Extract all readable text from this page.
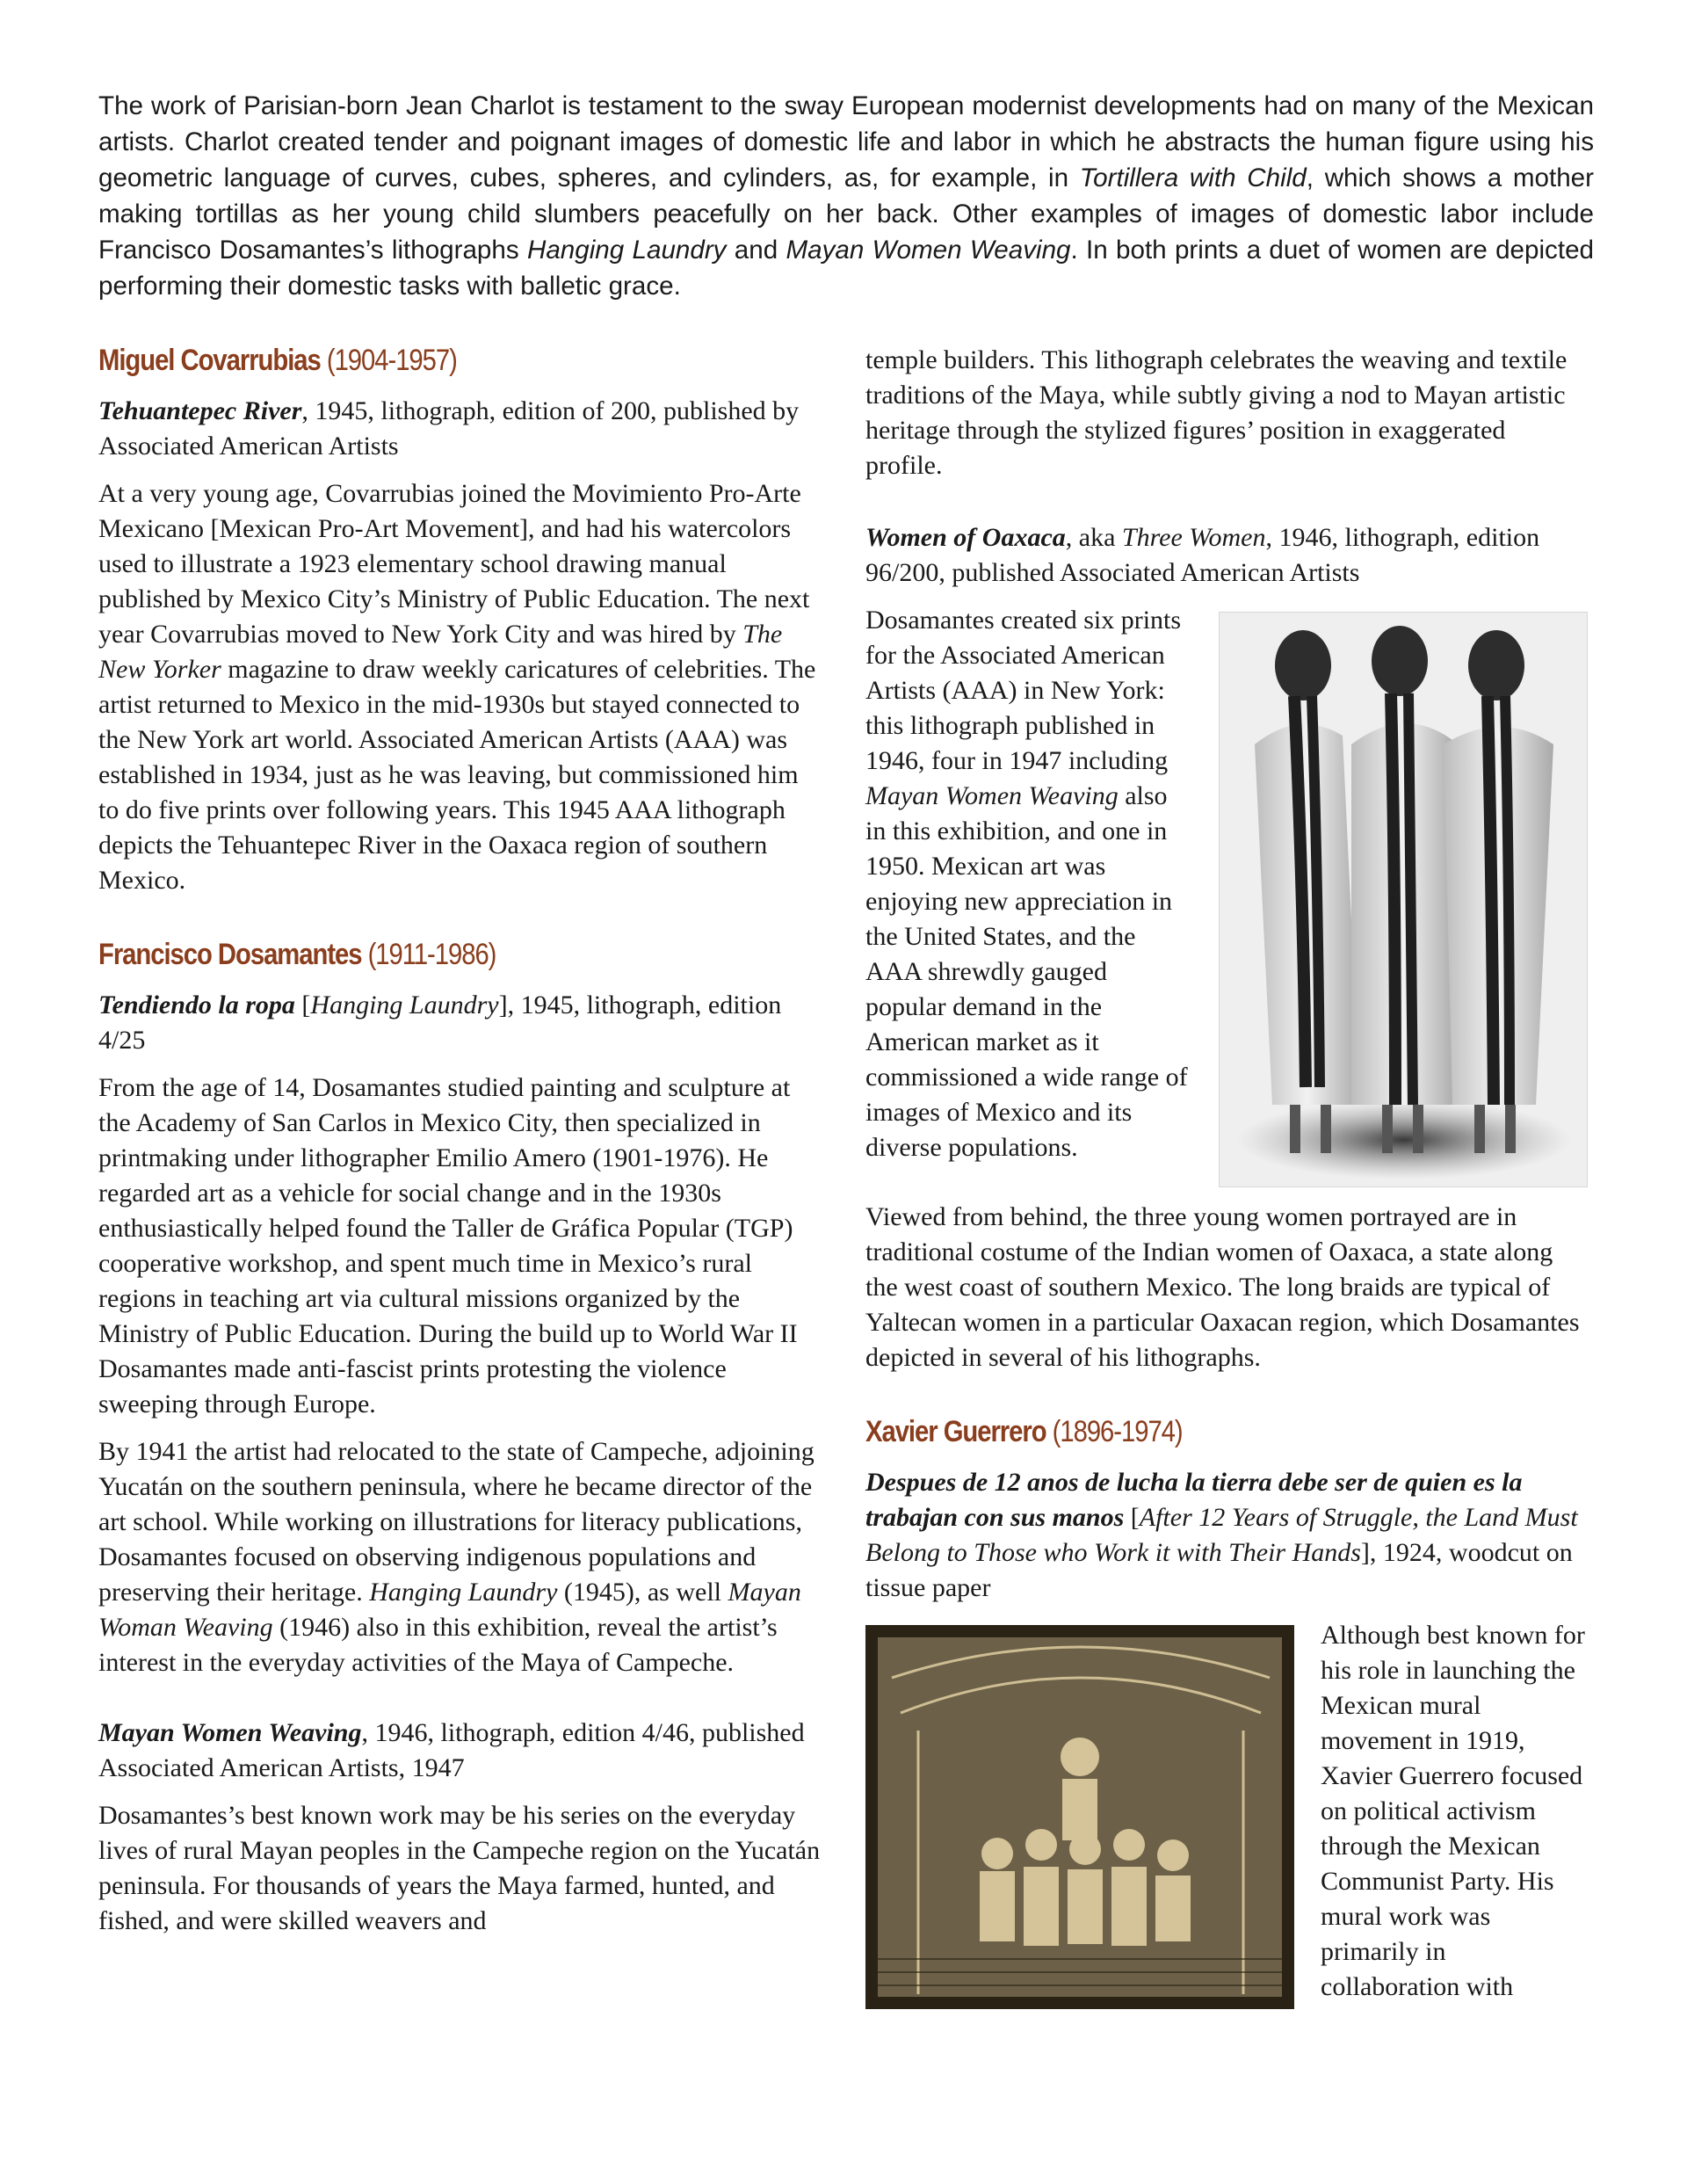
The work of Parisian-born Jean Charlot is testament to the sway European modernist developments had on many of the Mexican artists. Charlot created tender and poignant images of domestic life and labor in which he abstracts the human figure using his geometric language of curves, cubes, spheres, and cylinders, as, for example, in Tortillera with Child, which shows a mother making tortillas as her young child slumbers peacefully on her back. Other examples of images of domestic labor include Francisco Dosamantes’s lithographs Hanging Laundry and Mayan Women Weaving. In both prints a duet of women are depicted performing their domestic tasks with balletic grace.

Miguel Covarrubias (1904-1957)

Tehuantepec River, 1945, lithograph, edition of 200, published by Associated American Artists

At a very young age, Covarrubias joined the Movimiento Pro-Arte Mexicano [Mexican Pro-Art Movement], and had his watercolors used to illustrate a 1923 elementary school drawing manual published by Mexico City’s Ministry of Public Education. The next year Covarrubias moved to New York City and was hired by The New Yorker magazine to draw weekly caricatures of celebrities. The artist returned to Mexico in the mid-1930s but stayed connected to the New York art world. Associated American Artists (AAA) was established in 1934, just as he was leaving, but commissioned him to do five prints over following years. This 1945 AAA lithograph depicts the Tehuantepec River in the Oaxaca region of southern Mexico.

Francisco Dosamantes (1911-1986)

Tendiendo la ropa [Hanging Laundry], 1945, lithograph, edition 4/25

From the age of 14, Dosamantes studied painting and sculpture at the Academy of San Carlos in Mexico City, then specialized in printmaking under lithographer Emilio Amero (1901-1976). He regarded art as a vehicle for social change and in the 1930s enthusiastically helped found the Taller de Gráfica Popular (TGP) cooperative workshop, and spent much time in Mexico’s rural regions in teaching art via cultural missions organized by the Ministry of Public Education. During the build up to World War II Dosamantes made anti-fascist prints protesting the violence sweeping through Europe.

By 1941 the artist had relocated to the state of Campeche, adjoining Yucatán on the southern peninsula, where he became director of the art school. While working on illustrations for literacy publications, Dosamantes focused on observing indigenous populations and preserving their heritage. Hanging Laundry (1945), as well Mayan Woman Weaving (1946) also in this exhibition, reveal the artist’s interest in the everyday activities of the Maya of Campeche.

Mayan Women Weaving, 1946, lithograph, edition 4/46, published Associated American Artists, 1947

Dosamantes’s best known work may be his series on the everyday lives of rural Mayan peoples in the Campeche region on the Yucatán peninsula. For thousands of years the Maya farmed, hunted, and fished, and were skilled weavers and

temple builders. This lithograph celebrates the weaving and textile traditions of the Maya, while subtly giving a nod to Mayan artistic heritage through the stylized figures’ position in exaggerated profile.

Women of Oaxaca, aka Three Women, 1946, lithograph, edition 96/200, published Associated American Artists

Dosamantes created six prints for the Associated American Artists (AAA) in New York: this lithograph published in 1946, four in 1947 including Mayan Women Weaving also in this exhibition, and one in 1950. Mexican art was enjoying new appreciation in the United States, and the AAA shrewdly gauged popular demand in the American market as it commissioned a wide range of images of Mexico and its diverse populations.

Viewed from behind, the three young women portrayed are in traditional costume of the Indian women of Oaxaca, a state along the west coast of southern Mexico. The long braids are typical of Yaltecan women in a particular Oaxacan region, which Dosamantes depicted in several of his lithographs.

Xavier Guerrero (1896-1974)

Despues de 12 anos de lucha la tierra debe ser de quien es la trabajan con sus manos [After 12 Years of Struggle, the Land Must Belong to Those who Work it with Their Hands], 1924, woodcut on tissue paper

Although best known for his role in launching the Mexican mural movement in 1919, Xavier Guerrero focused on political activism through the Mexican Communist Party. His mural work was primarily in collaboration with
